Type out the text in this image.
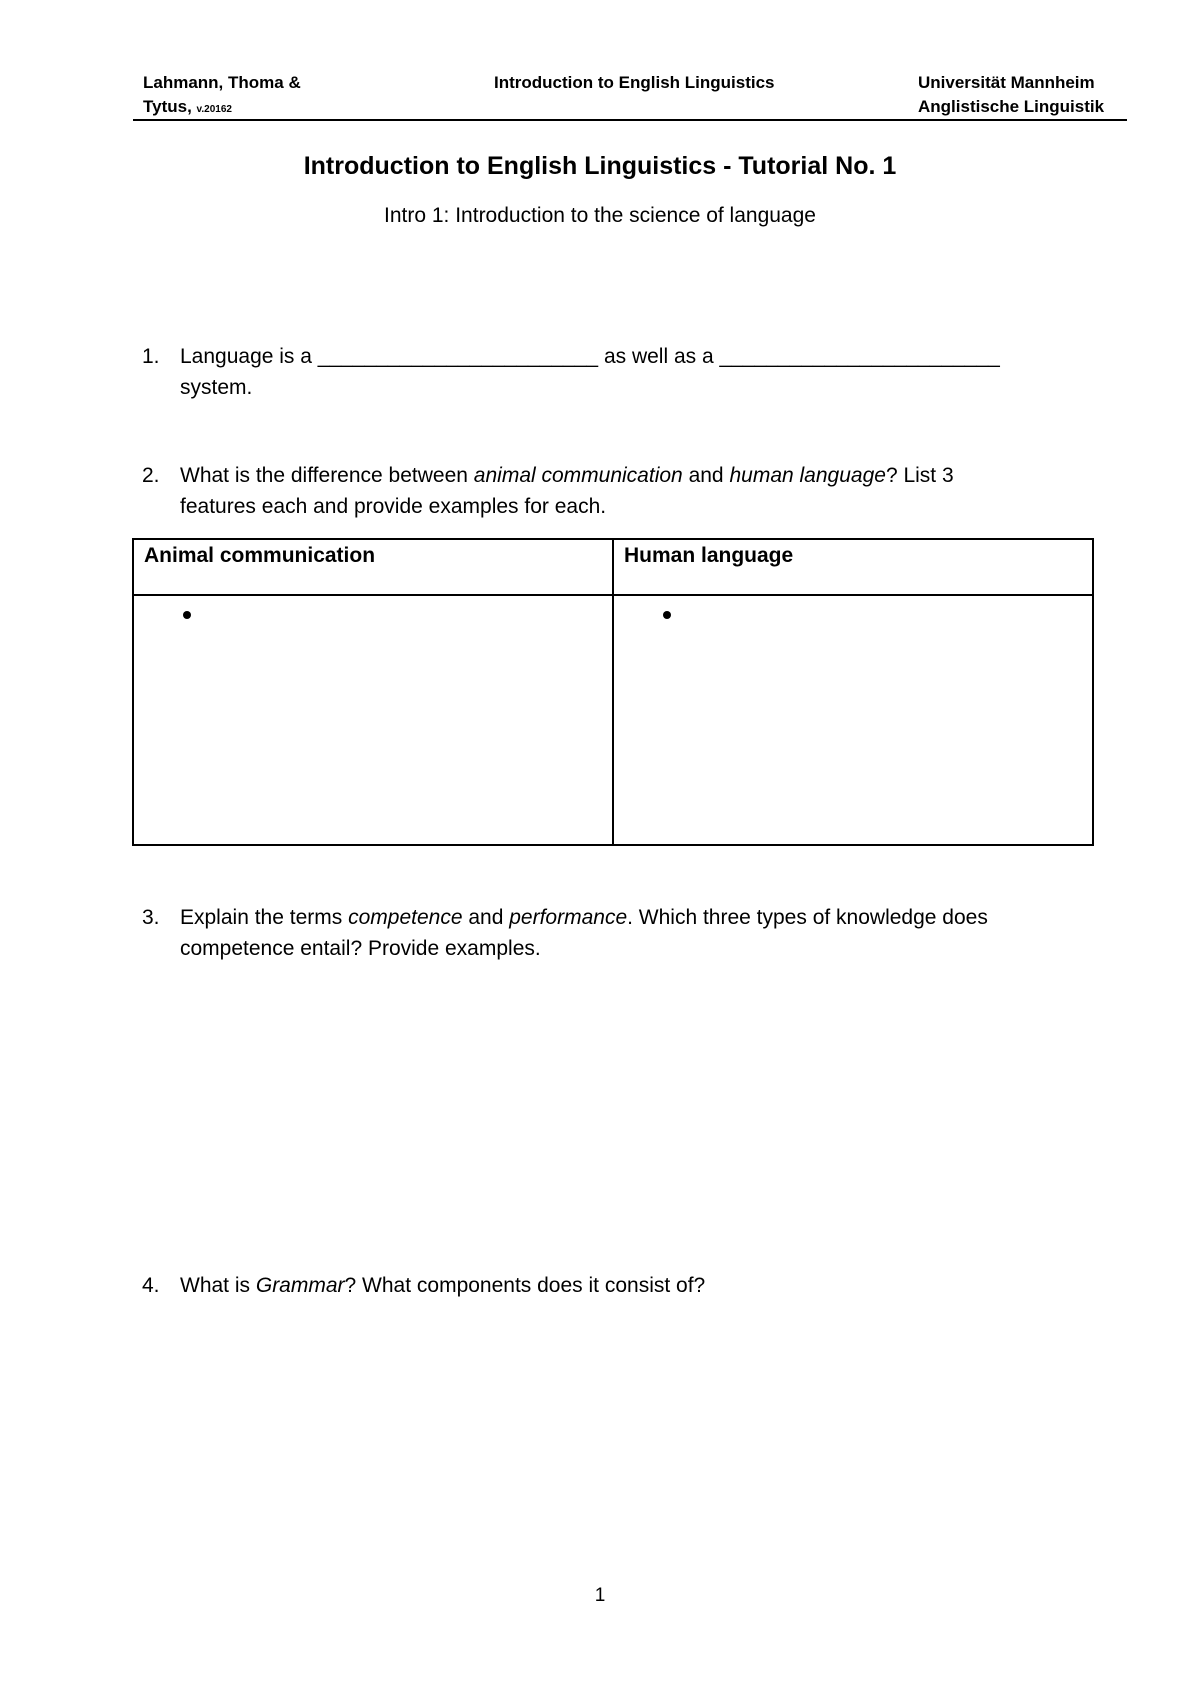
Lahmann, Thoma &
Tytus, v.20162
Introduction to English Linguistics	Universität Mannheim
Anglistische Linguistik
Introduction to English Linguistics - Tutorial No. 1
Intro 1: Introduction to the science of language
1. Language is a ________________________ as well as a ________________________
system.
2. What is the difference between animal communication and human language? List 3
features each and provide examples for each.
Animal communication	Human language

3. Explain the terms competence and performance. Which three types of knowledge does
competence entail? Provide examples.
4. What is Grammar? What components does it consist of?
1
